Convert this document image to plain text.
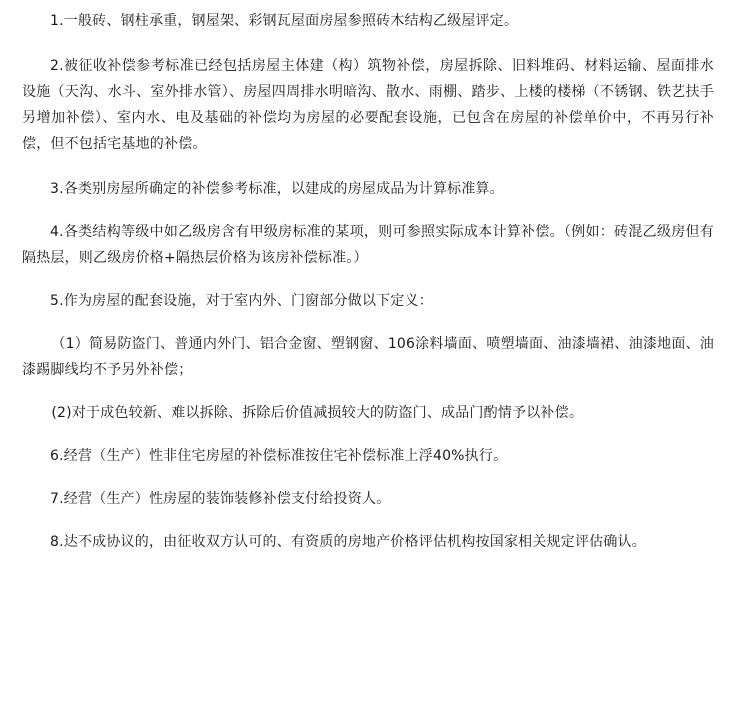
1.一般砖、钢柱承重，钢屋架、彩钢瓦屋面房屋参照砖木结构乙级屋评定。

2.被征收补偿参考标准已经包括房屋主体建（构）筑物补偿，房屋拆除、旧料堆码、材料运输、屋面排水设施（天沟、水斗、室外排水管）、房屋四周排水明暗沟、散水、雨棚、踏步、上楼的楼梯（不锈钢、铁艺扶手另增加补偿）、室内水、电及基础的补偿均为房屋的必要配套设施，已包含在房屋的补偿单价中，不再另行补偿，但不包括宅基地的补偿。

3.各类别房屋所确定的补偿参考标准，以建成的房屋成品为计算标准算。

4.各类结构等级中如乙级房含有甲级房标准的某项，则可参照实际成本计算补偿。（例如：砖混乙级房但有隔热层，则乙级房价格+隔热层价格为该房补偿标准。）

5.作为房屋的配套设施，对于室内外、门窗部分做以下定义：

（1）简易防盗门、普通内外门、铝合金窗、塑钢窗、106涂料墙面、喷塑墙面、油漆墙裙、油漆地面、油漆踢脚线均不予另外补偿；

(2)对于成色较新、难以拆除、拆除后价值减损较大的防盗门、成品门酌情予以补偿。

6.经营（生产）性非住宅房屋的补偿标准按住宅补偿标准上浮40%执行。

7.经营（生产）性房屋的装饰装修补偿支付给投资人。

8.达不成协议的，由征收双方认可的、有资质的房地产价格评估机构按国家相关规定评估确认。
